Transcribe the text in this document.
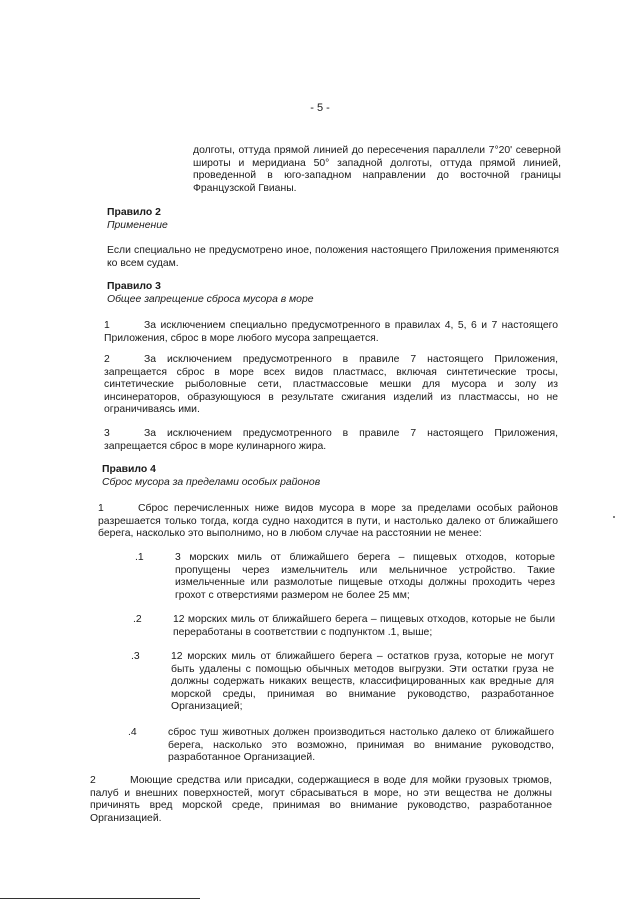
- 5 -
долготы, оттуда прямой линией до пересечения параллели 7°20' северной широты и меридиана 50° западной долготы, оттуда прямой линией, проведенной в юго-западном направлении до восточной границы Французской Гвианы.
Правило 2
Применение
Если специально не предусмотрено иное, положения настоящего Приложения применяются ко всем судам.
Правило 3
Общее запрещение сброса мусора в море
1	За исключением специально предусмотренного в правилах 4, 5, 6 и 7 настоящего Приложения, сброс в море любого мусора запрещается.
2	За исключением предусмотренного в правиле 7 настоящего Приложения, запрещается сброс в море всех видов пластмасс, включая синтетические тросы, синтетические рыболовные сети, пластмассовые мешки для мусора и золу из инсинераторов, образующуюся в результате сжигания изделий из пластмассы, но не ограничиваясь ими.
3	За исключением предусмотренного в правиле 7 настоящего Приложения, запрещается сброс в море кулинарного жира.
Правило 4
Сброс мусора за пределами особых районов
1	Сброс перечисленных ниже видов мусора в море за пределами особых районов разрешается только тогда, когда судно находится в пути, и настолько далеко от ближайшего берега, насколько это выполнимо, но в любом случае на расстоянии не менее:
.1	3 морских миль от ближайшего берега – пищевых отходов, которые пропущены через измельчитель или мельничное устройство. Такие измельченные или размолотые пищевые отходы должны проходить через грохот с отверстиями размером не более 25 мм;
.2	12 морских миль от ближайшего берега – пищевых отходов, которые не были переработаны в соответствии с подпунктом .1, выше;
.3	12 морских миль от ближайшего берега – остатков груза, которые не могут быть удалены с помощью обычных методов выгрузки. Эти остатки груза не должны содержать никаких веществ, классифицированных как вредные для морской среды, принимая во внимание руководство, разработанное Организацией;
.4	сброс туш животных должен производиться настолько далеко от ближайшего берега, насколько это возможно, принимая во внимание руководство, разработанное Организацией.
2	Моющие средства или присадки, содержащиеся в воде для мойки грузовых трюмов, палуб и внешних поверхностей, могут сбрасываться в море, но эти вещества не должны причинять вред морской среде, принимая во внимание руководство, разработанное Организацией.
